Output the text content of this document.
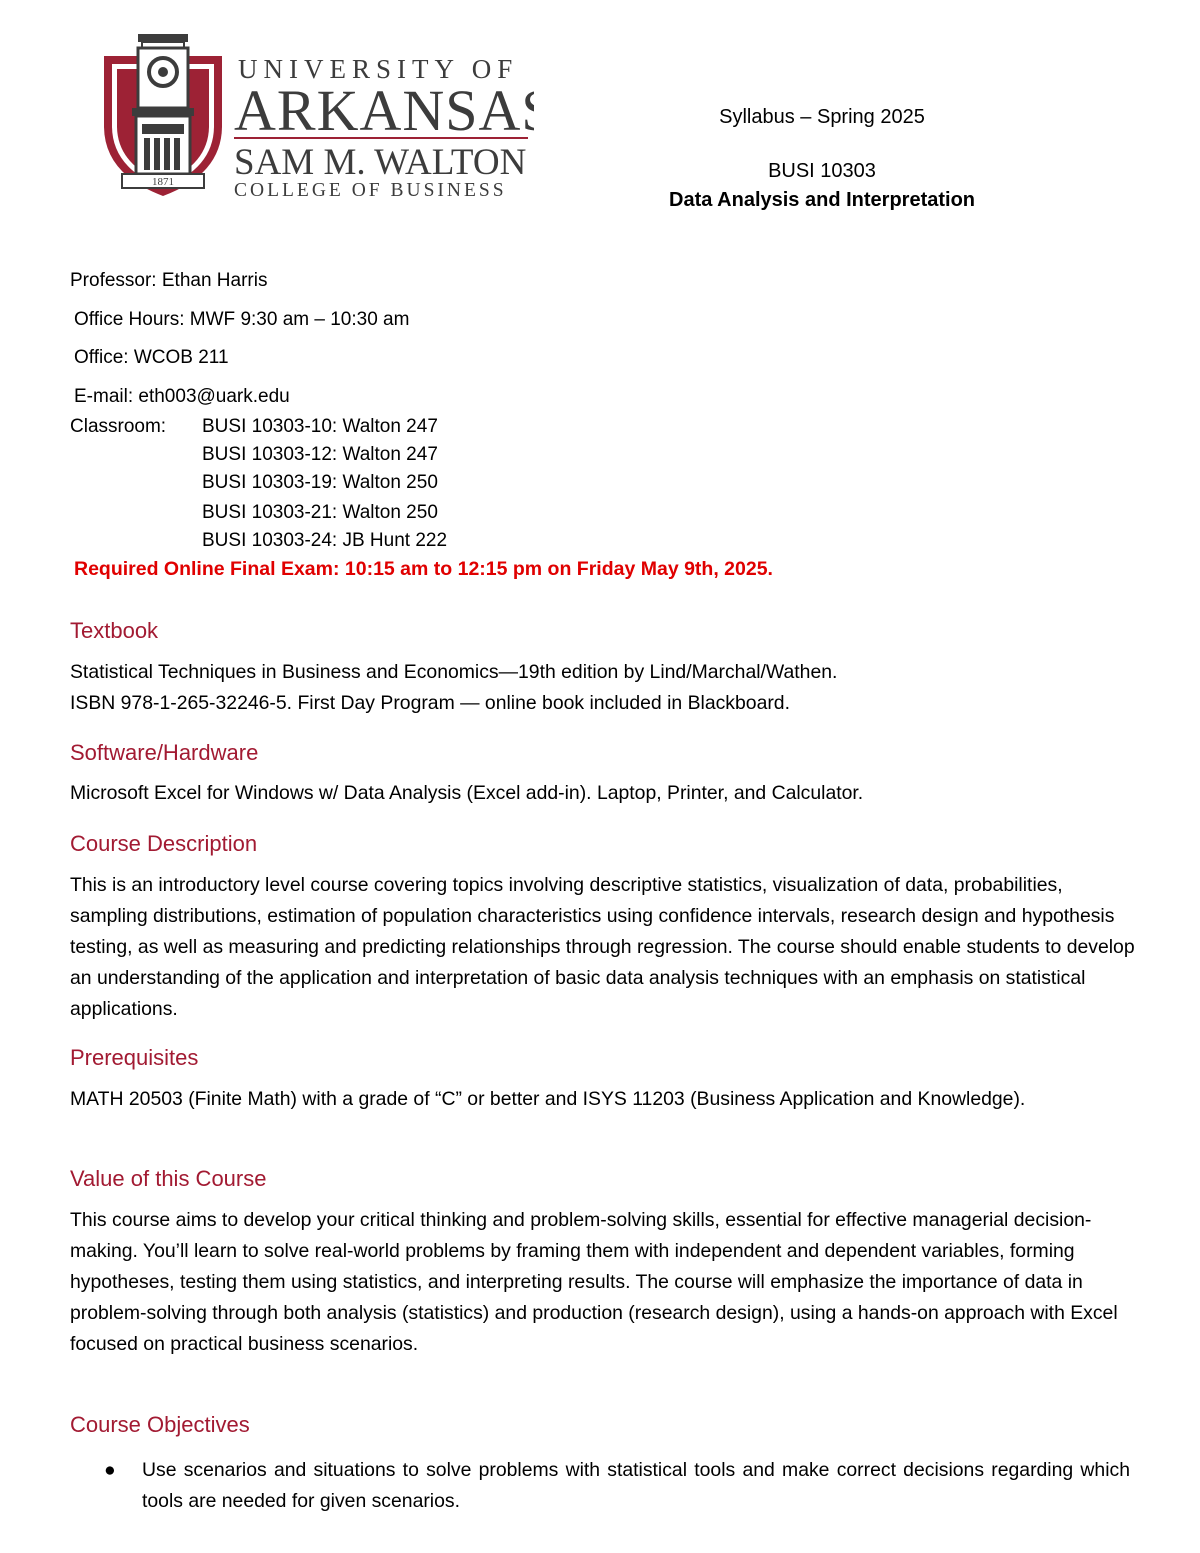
1871
UNIVERSITY OF
ARKANSAS
SAM M. WALTON
COLLEGE OF BUSINESS
Syllabus – Spring 2025
BUSI 10303
Data Analysis and Interpretation
Professor: Ethan Harris
Office Hours: MWF 9:30 am – 10:30 am
Office: WCOB 211
E-mail: eth003@uark.edu
Classroom: BUSI 10303-10: Walton 247
BUSI 10303-12: Walton 247
BUSI 10303-19: Walton 250
BUSI 10303-21: Walton 250
BUSI 10303-24: JB Hunt 222
Required Online Final Exam: 10:15 am to 12:15 pm on Friday May 9th, 2025.
Textbook
Statistical Techniques in Business and Economics—19th edition by Lind/Marchal/Wathen.
ISBN 978-1-265-32246-5. First Day Program — online book included in Blackboard.
Software/Hardware
Microsoft Excel for Windows w/ Data Analysis (Excel add-in). Laptop, Printer, and Calculator.
Course Description
This is an introductory level course covering topics involving descriptive statistics, visualization of data, probabilities, sampling distributions, estimation of population characteristics using confidence intervals, research design and hypothesis testing, as well as measuring and predicting relationships through regression. The course should enable students to develop an understanding of the application and interpretation of basic data analysis techniques with an emphasis on statistical applications.
Prerequisites
MATH 20503 (Finite Math) with a grade of “C” or better and ISYS 11203 (Business Application and Knowledge).
Value of this Course
This course aims to develop your critical thinking and problem-solving skills, essential for effective managerial decision-making. You’ll learn to solve real-world problems by framing them with independent and dependent variables, forming hypotheses, testing them using statistics, and interpreting results. The course will emphasize the importance of data in problem-solving through both analysis (statistics) and production (research design), using a hands-on approach with Excel focused on practical business scenarios.
Course Objectives
● Use scenarios and situations to solve problems with statistical tools and make correct decisions regarding which tools are needed for given scenarios.
